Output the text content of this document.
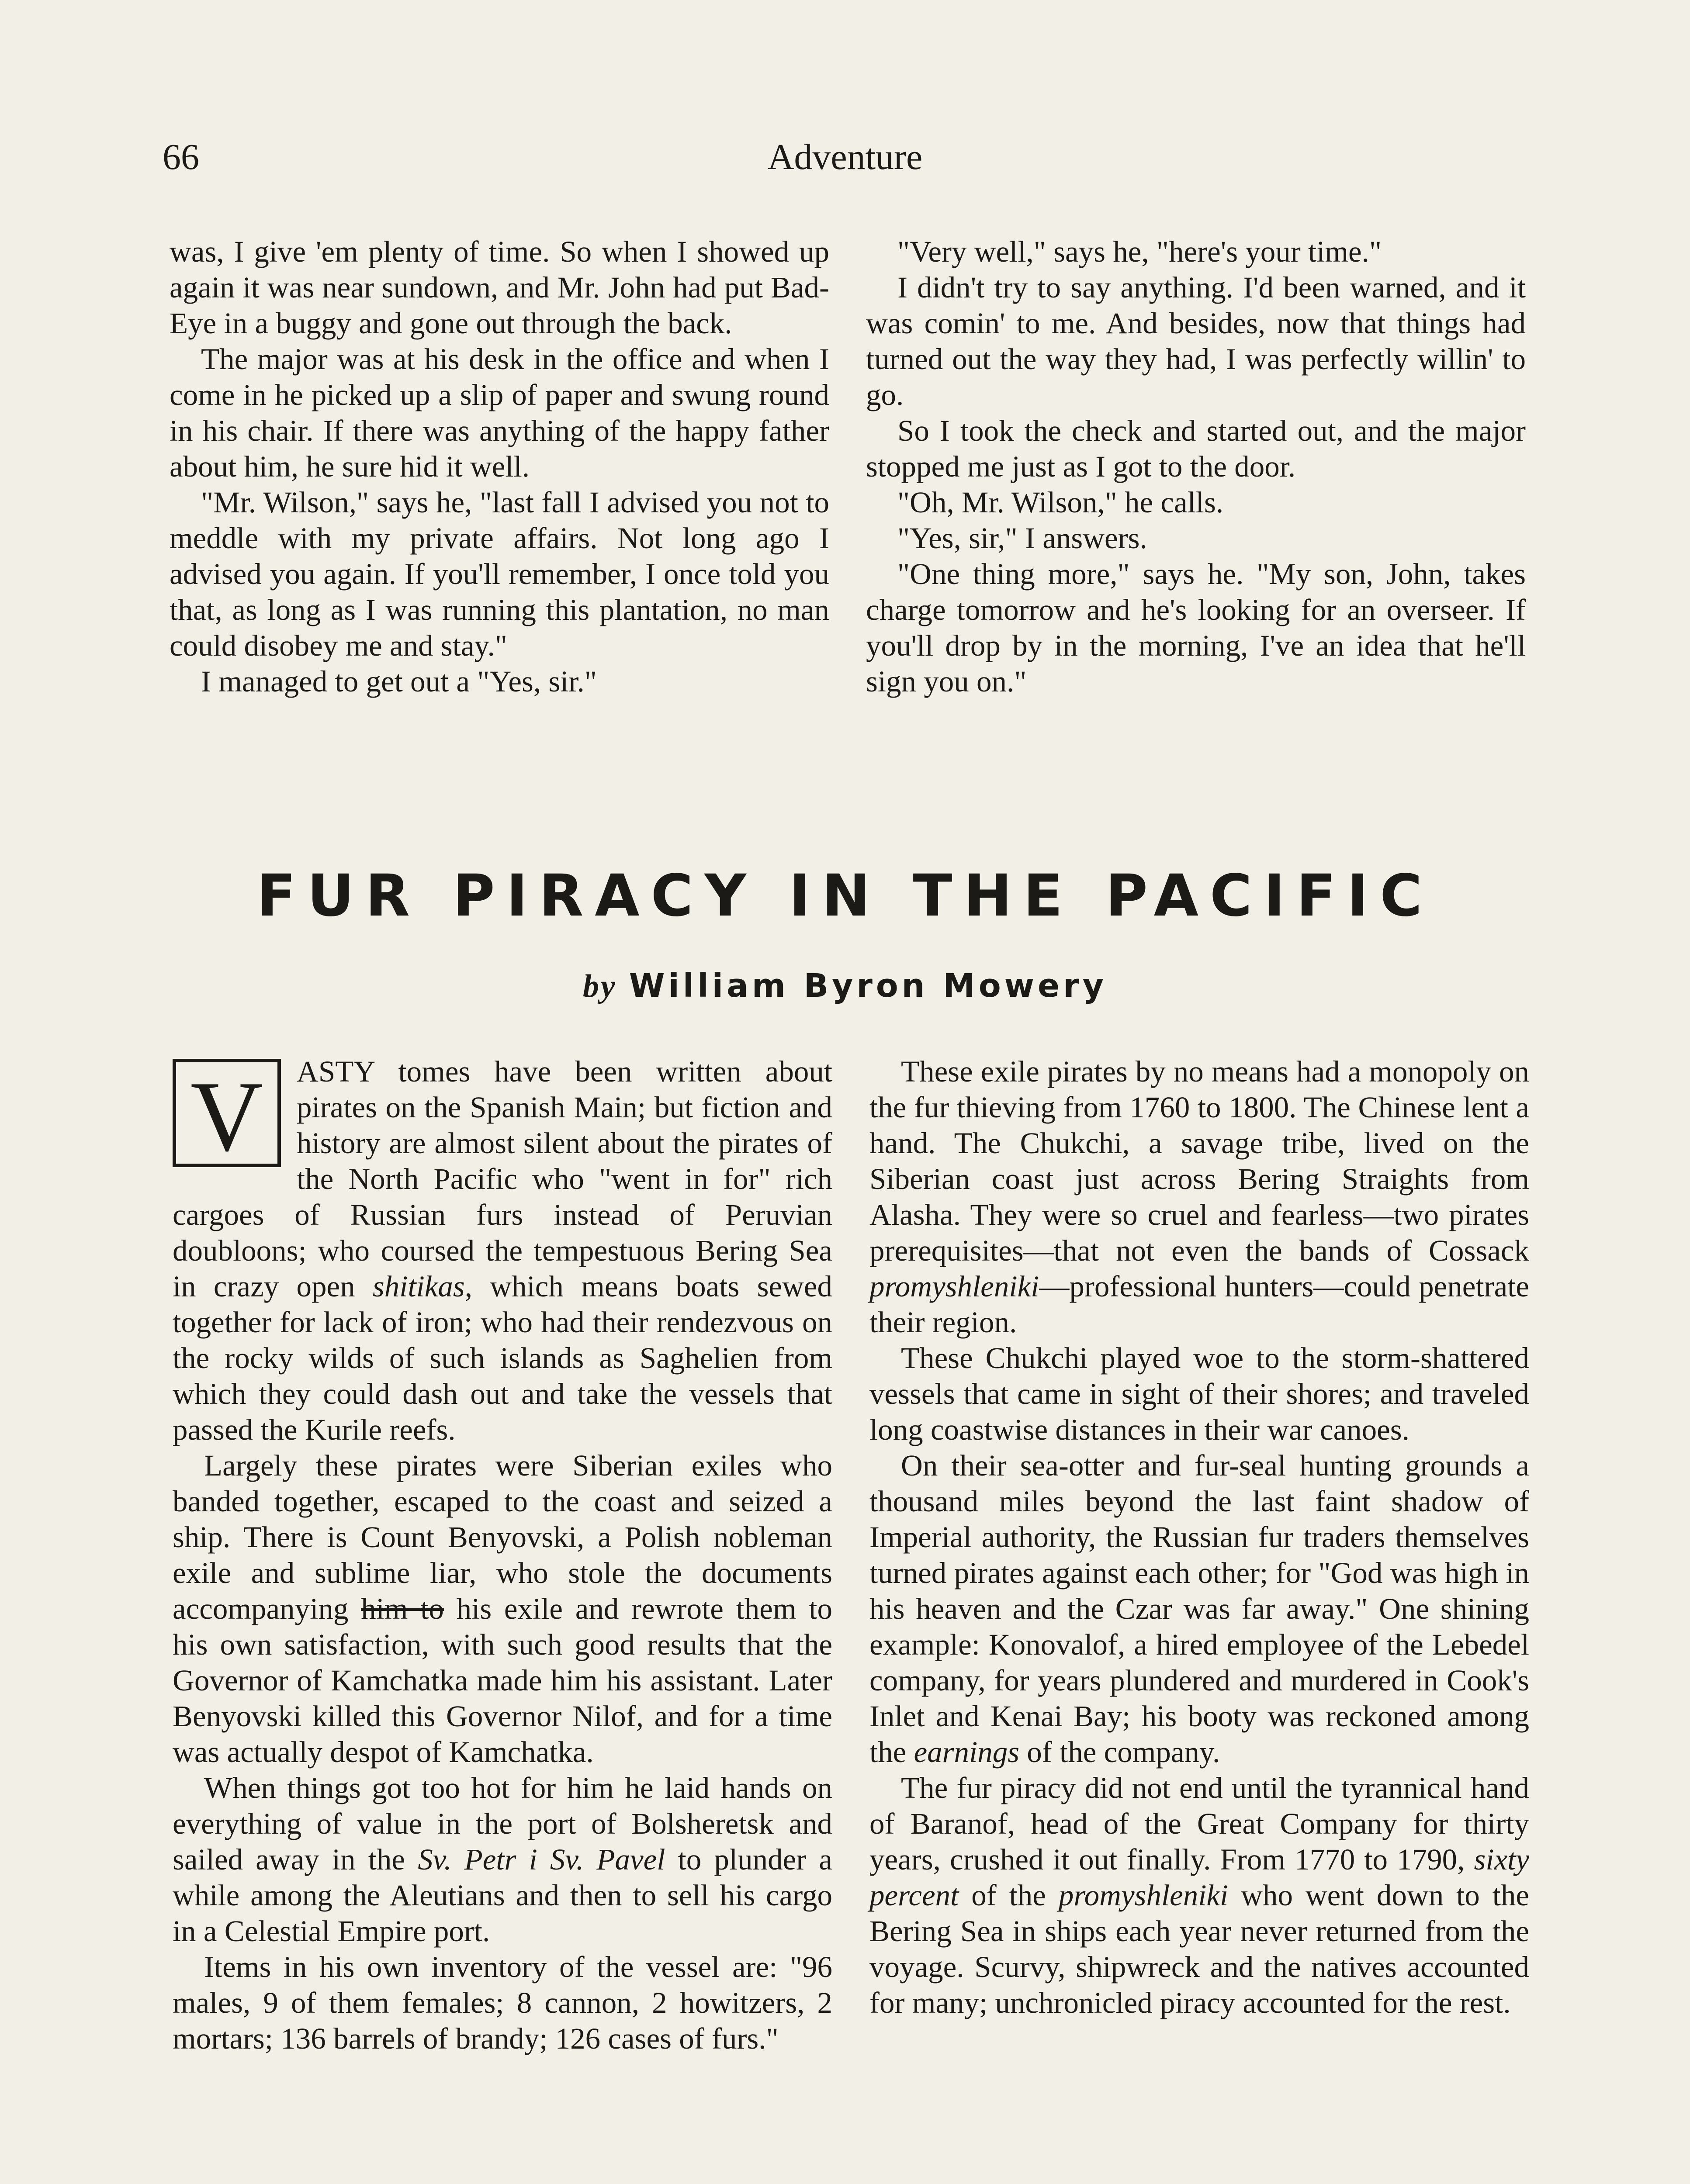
66	Adventure

was, I give 'em plenty of time. So when I showed up again it was near sundown, and Mr. John had put Bad-Eye in a buggy and gone out through the back.

The major was at his desk in the office and when I come in he picked up a slip of paper and swung round in his chair. If there was anything of the happy father about him, he sure hid it well.

"Mr. Wilson," says he, "last fall I advised you not to meddle with my private affairs. Not long ago I advised you again. If you'll remember, I once told you that, as long as I was running this plantation, no man could disobey me and stay."

I managed to get out a "Yes, sir."

"Very well," says he, "here's your time."

I didn't try to say anything. I'd been warned, and it was comin' to me. And besides, now that things had turned out the way they had, I was perfectly willin' to go.

So I took the check and started out, and the major stopped me just as I got to the door.

"Oh, Mr. Wilson," he calls.

"Yes, sir," I answers.

"One thing more," says he. "My son, John, takes charge tomorrow and he's looking for an overseer. If you'll drop by in the morning, I've an idea that he'll sign you on."

FUR PIRACY IN THE PACIFIC
by William Byron Mowery

V	ASTY tomes have been written about pirates on the Spanish Main; but fiction and history are almost silent about the pirates of the North Pacific who "went in for" rich cargoes of Russian furs instead of Peruvian doubloons; who coursed the tempestuous Bering Sea in crazy open shitikas, which means boats sewed together for lack of iron; who had their rendezvous on the rocky wilds of such islands as Saghelien from which they could dash out and take the vessels that passed the Kurile reefs.

Largely these pirates were Siberian exiles who banded together, escaped to the coast and seized a ship. There is Count Benyovski, a Polish nobleman exile and sublime liar, who stole the documents accompanying him to his exile and rewrote them to his own satisfaction, with such good results that the Governor of Kamchatka made him his assistant. Later Benyovski killed this Governor Nilof, and for a time was actually despot of Kamchatka.

When things got too hot for him he laid hands on everything of value in the port of Bolsheretsk and sailed away in the Sv. Petr i Sv. Pavel to plunder a while among the Aleutians and then to sell his cargo in a Celestial Empire port.

Items in his own inventory of the vessel are: "96 males, 9 of them females; 8 cannon, 2 howitzers, 2 mortars; 136 barrels of brandy; 126 cases of furs."

These exile pirates by no means had a monopoly on the fur thieving from 1760 to 1800. The Chinese lent a hand. The Chukchi, a savage tribe, lived on the Siberian coast just across Bering Straights from Alasha. They were so cruel and fearless—two pirates prerequisites—that not even the bands of Cossack promyshleniki—professional hunters—could penetrate their region.

These Chukchi played woe to the storm-shattered vessels that came in sight of their shores; and traveled long coastwise distances in their war canoes.

On their sea-otter and fur-seal hunting grounds a thousand miles beyond the last faint shadow of Imperial authority, the Russian fur traders themselves turned pirates against each other; for "God was high in his heaven and the Czar was far away." One shining example: Konovalof, a hired employee of the Lebedel company, for years plundered and murdered in Cook's Inlet and Kenai Bay; his booty was reckoned among the earnings of the company.

The fur piracy did not end until the tyrannical hand of Baranof, head of the Great Company for thirty years, crushed it out finally. From 1770 to 1790, sixty percent of the promyshleniki who went down to the Bering Sea in ships each year never returned from the voyage. Scurvy, shipwreck and the natives accounted for many; unchronicled piracy accounted for the rest.
